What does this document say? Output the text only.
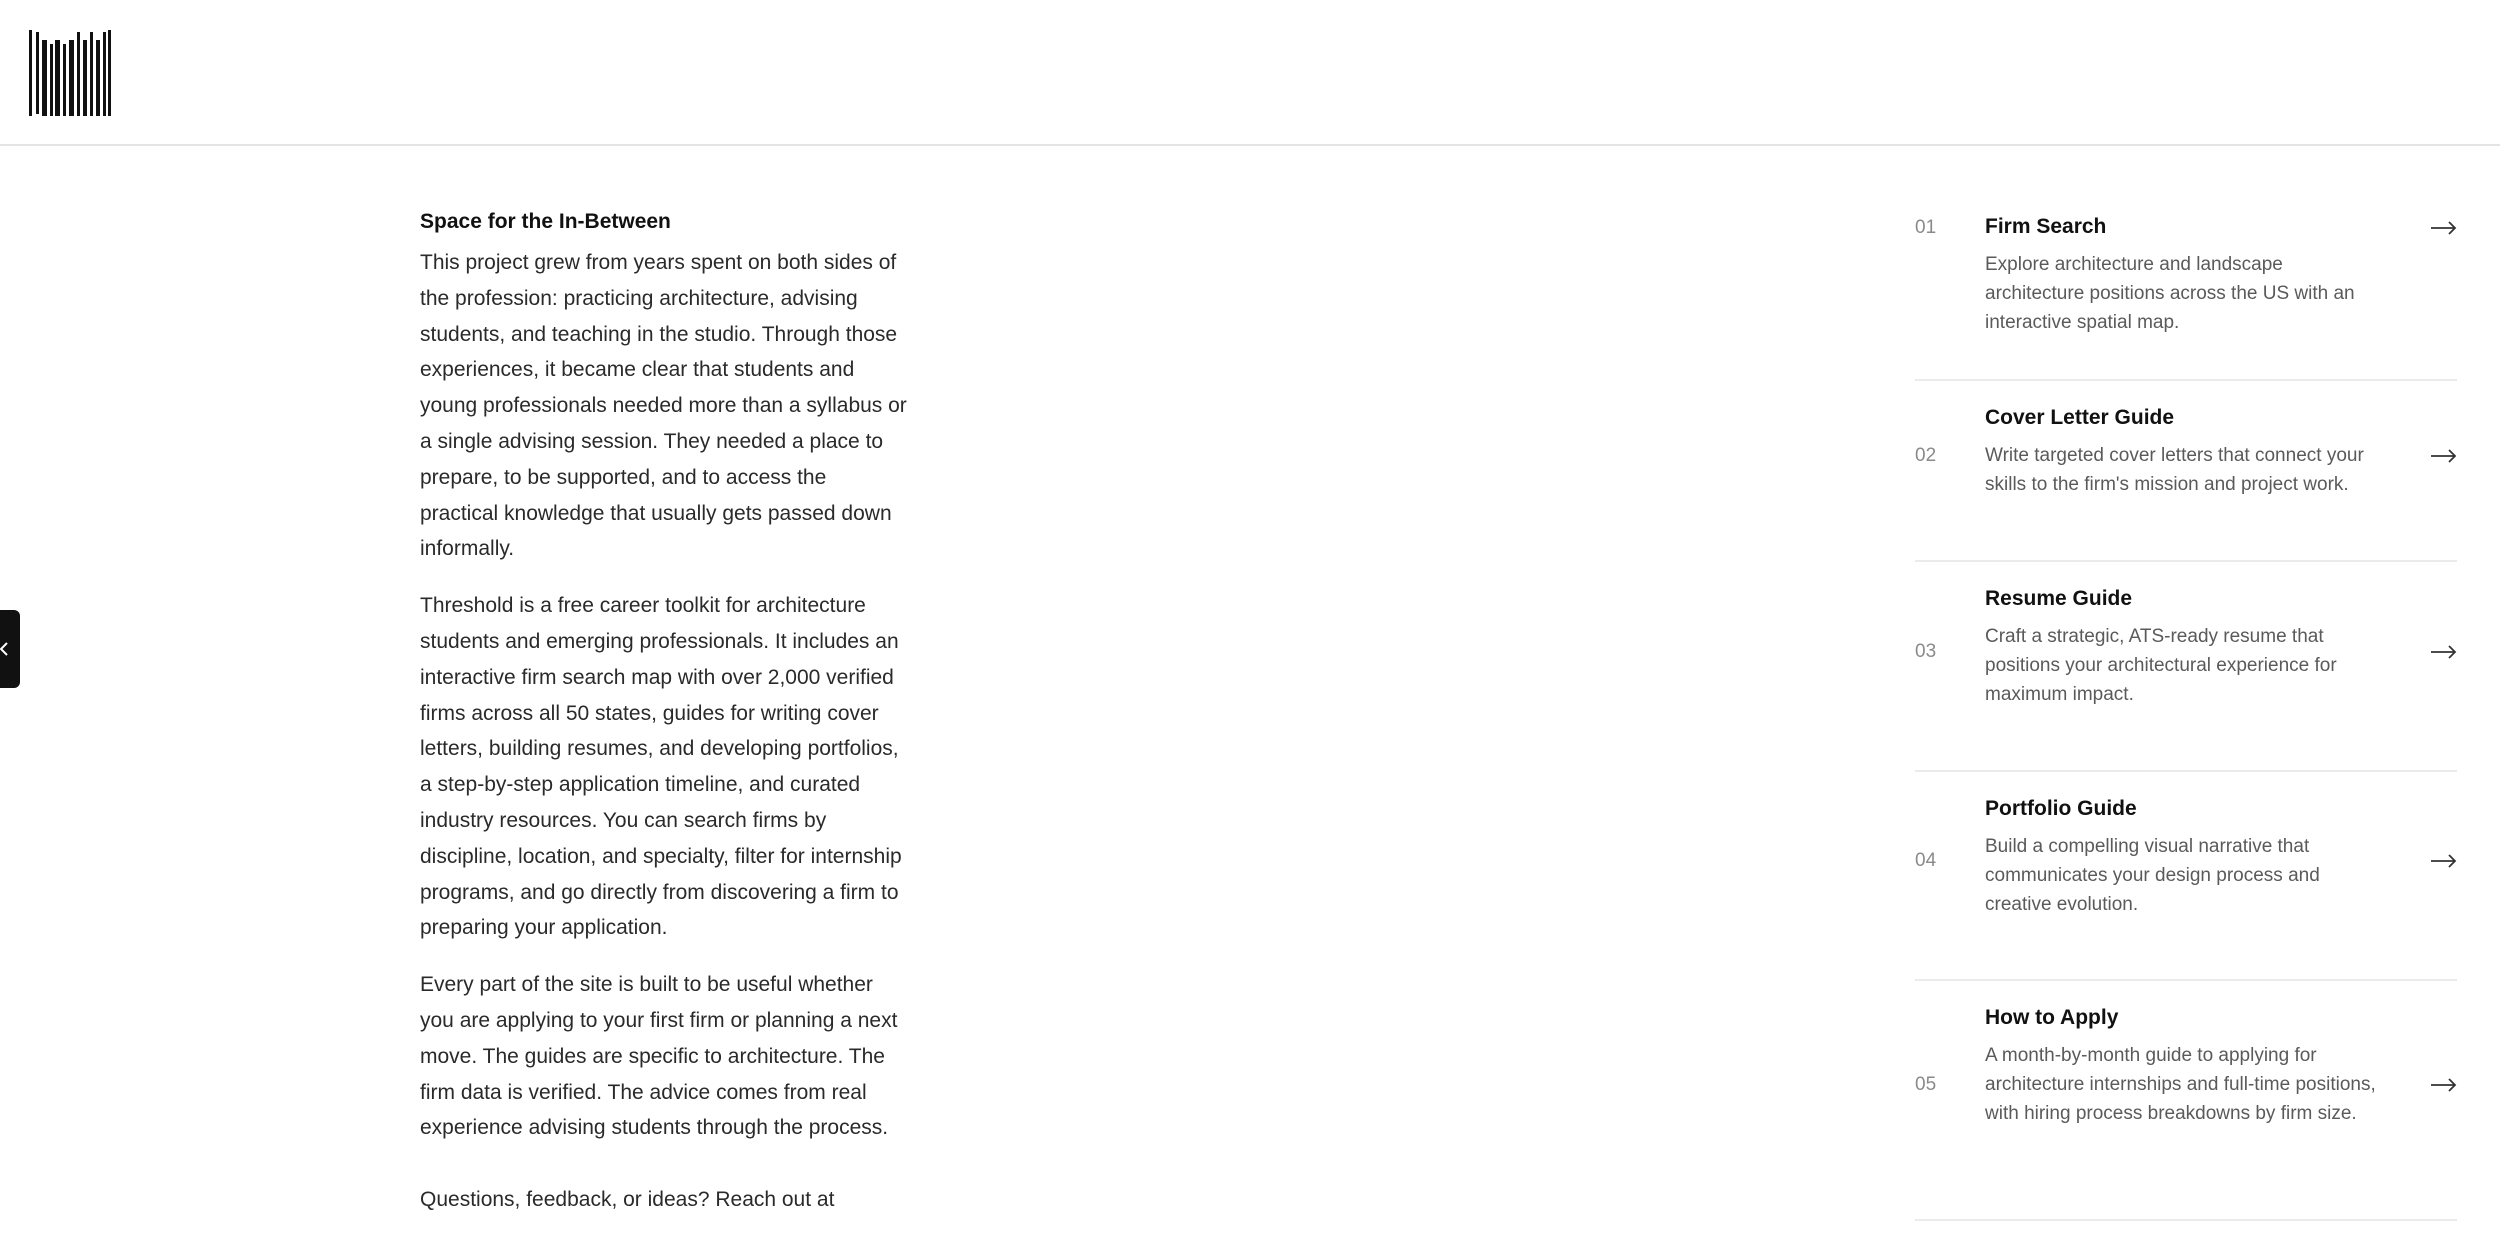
Space for the In-Between

This project grew from years spent on both sides of the profession: practicing architecture, advising students, and teaching in the studio. Through those experiences, it became clear that students and young professionals needed more than a syllabus or a single advising session. They needed a place to prepare, to be supported, and to access the practical knowledge that usually gets passed down informally.

Threshold is a free career toolkit for architecture students and emerging professionals. It includes an interactive firm search map with over 2,000 verified firms across all 50 states, guides for writing cover letters, building resumes, and developing portfolios, a step-by-step application timeline, and curated industry resources. You can search firms by discipline, location, and specialty, filter for internship programs, and go directly from discovering a firm to preparing your application.

Every part of the site is built to be useful whether you are applying to your first firm or planning a next move. The guides are specific to architecture. The firm data is verified. The advice comes from real experience advising students through the process.

Questions, feedback, or ideas? Reach out at

01 Firm Search
Explore architecture and landscape architecture positions across the US with an interactive spatial map.
02
Cover Letter Guide
Write targeted cover letters that connect your skills to the firm's mission and project work.
03
Resume Guide
Craft a strategic, ATS-ready resume that positions your architectural experience for maximum impact.
04
Portfolio Guide
Build a compelling visual narrative that communicates your design process and creative evolution.
05
How to Apply
A month-by-month guide to applying for architecture internships and full-time positions, with hiring process breakdowns by firm size.
